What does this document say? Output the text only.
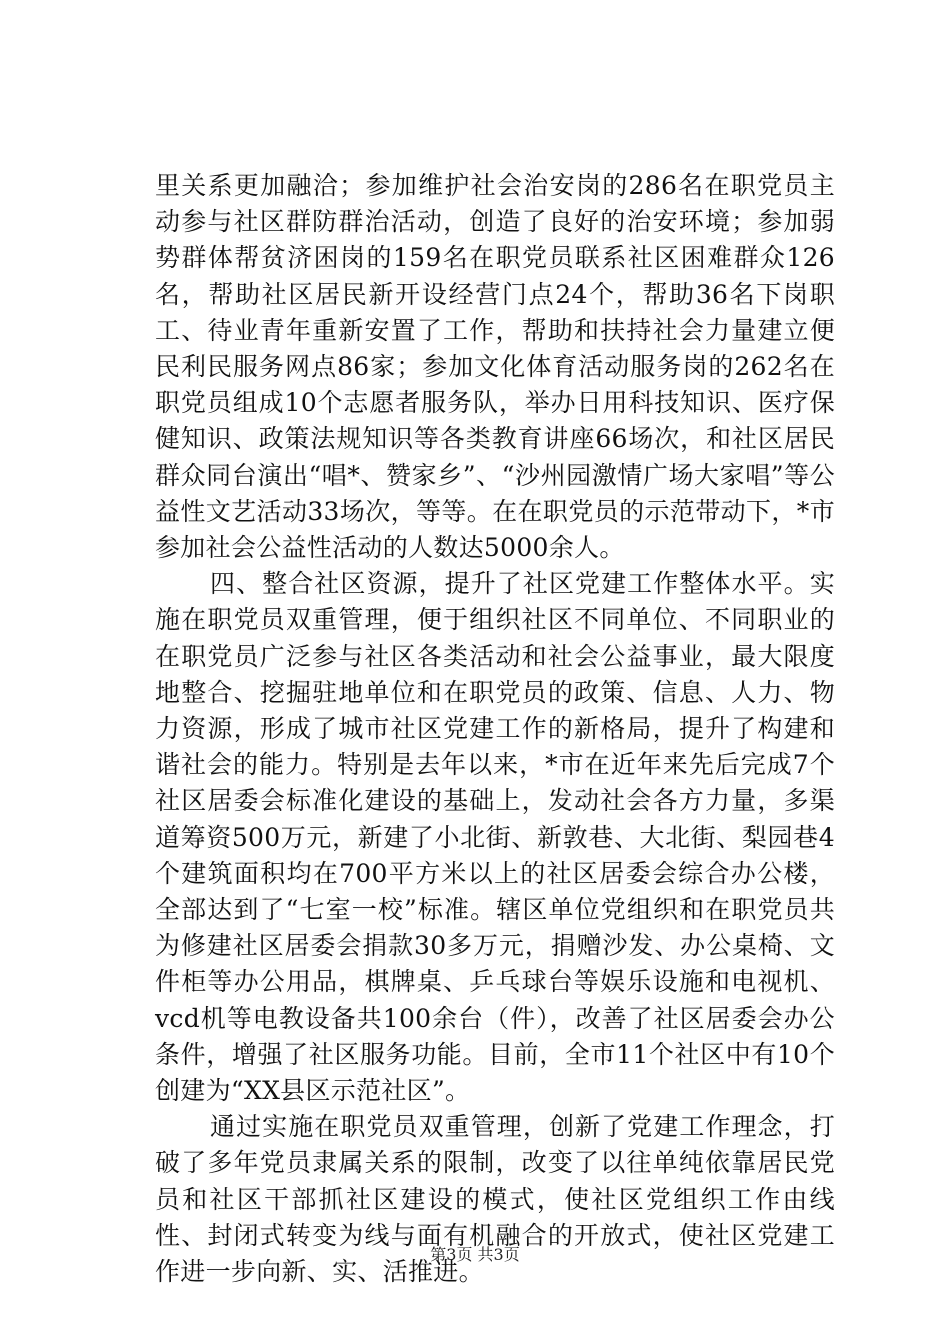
里关系更加融洽；参加维护社会治安岗的286名在职党员主动参与社区群防群治活动，创造了良好的治安环境；参加弱势群体帮贫济困岗的159名在职党员联系社区困难群众126名，帮助社区居民新开设经营门点24个，帮助36名下岗职工、待业青年重新安置了工作，帮助和扶持社会力量建立便民利民服务网点86家；参加文化体育活动服务岗的262名在职党员组成10个志愿者服务队，举办日用科技知识、医疗保健知识、政策法规知识等各类教育讲座66场次，和社区居民群众同台演出“唱*、赞家乡”、“沙州园激情广场大家唱”等公益性文艺活动33场次，等等。在在职党员的示范带动下，*市参加社会公益性活动的人数达5000余人。

四、整合社区资源，提升了社区党建工作整体水平。实施在职党员双重管理，便于组织社区不同单位、不同职业的在职党员广泛参与社区各类活动和社会公益事业，最大限度地整合、挖掘驻地单位和在职党员的政策、信息、人力、物力资源，形成了城市社区党建工作的新格局，提升了构建和谐社会的能力。特别是去年以来，*市在近年来先后完成7个社区居委会标准化建设的基础上，发动社会各方力量，多渠道筹资500万元，新建了小北街、新敦巷、大北街、梨园巷4个建筑面积均在700平方米以上的社区居委会综合办公楼，全部达到了“七室一校”标准。辖区单位党组织和在职党员共为修建社区居委会捐款30多万元，捐赠沙发、办公桌椅、文件柜等办公用品，棋牌桌、乒乓球台等娱乐设施和电视机、vcd机等电教设备共100余台（件），改善了社区居委会办公条件，增强了社区服务功能。目前，全市11个社区中有10个创建为“XX县区示范社区”。

通过实施在职党员双重管理，创新了党建工作理念，打破了多年党员隶属关系的限制，改变了以往单纯依靠居民党员和社区干部抓社区建设的模式，使社区党组织工作由线性、封闭式转变为线与面有机融合的开放式，使社区党建工作进一步向新、实、活推进。

第3页 共3页
